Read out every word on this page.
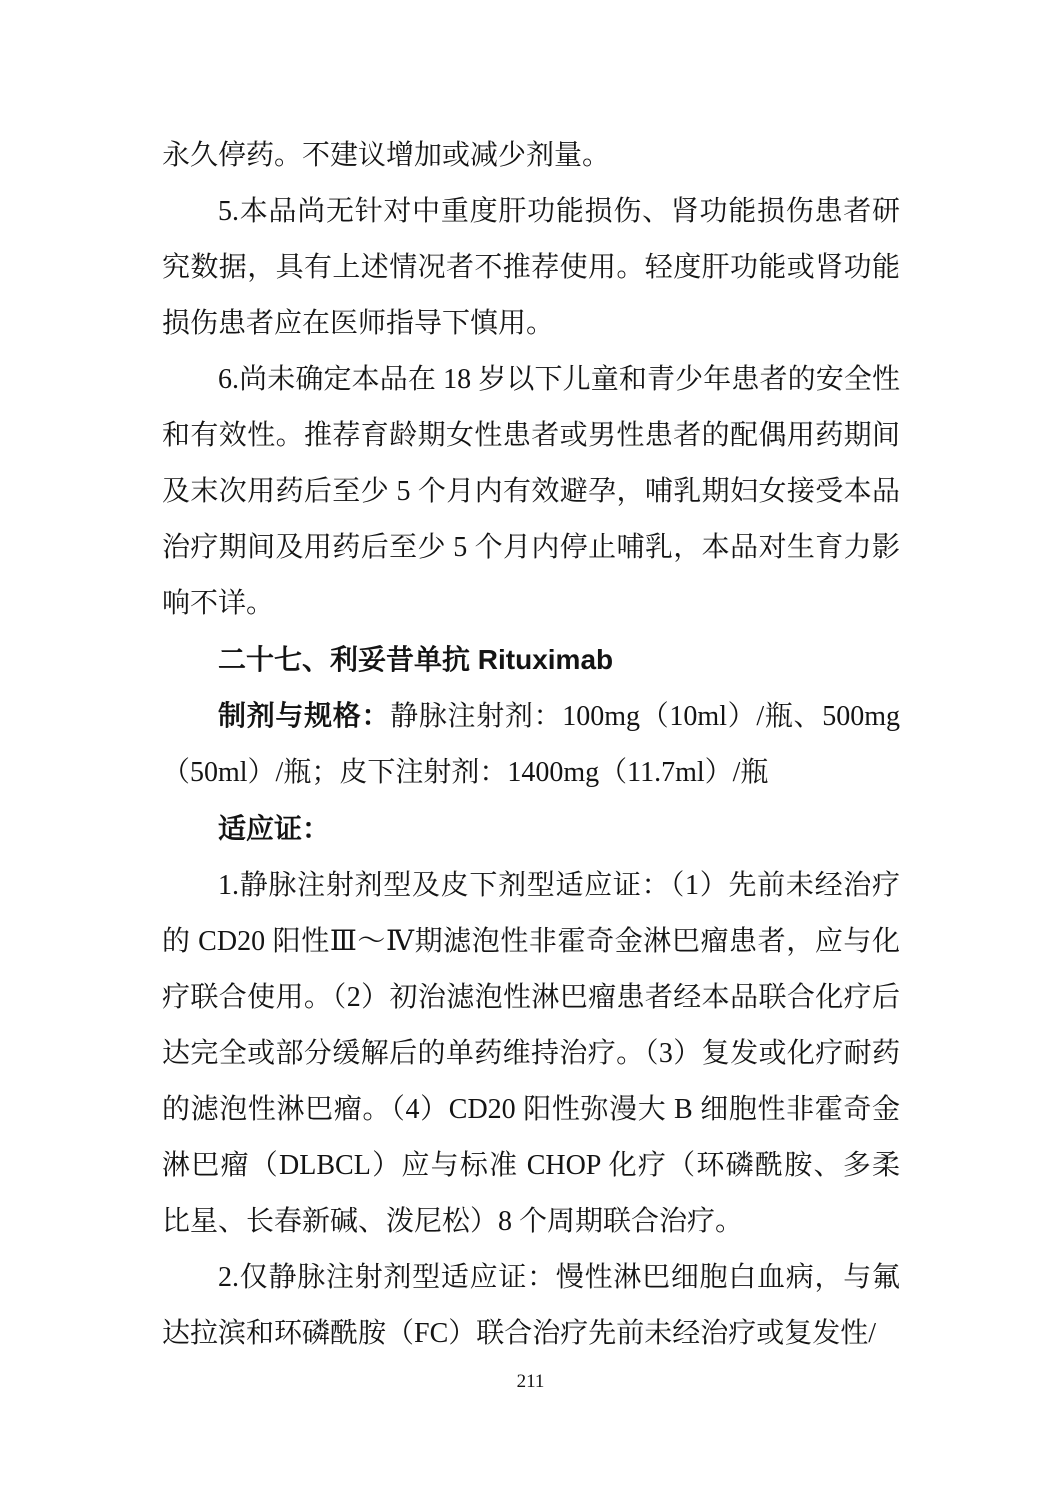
永久停药。不建议增加或减少剂量。

5.本品尚无针对中重度肝功能损伤、肾功能损伤患者研究数据，具有上述情况者不推荐使用。轻度肝功能或肾功能损伤患者应在医师指导下慎用。

6.尚未确定本品在 18 岁以下儿童和青少年患者的安全性和有效性。推荐育龄期女性患者或男性患者的配偶用药期间及末次用药后至少 5 个月内有效避孕，哺乳期妇女接受本品治疗期间及用药后至少 5 个月内停止哺乳，本品对生育力影响不详。

二十七、利妥昔单抗 Rituximab

制剂与规格：静脉注射剂：100mg（10ml）/瓶、500mg（50ml）/瓶；皮下注射剂：1400mg（11.7ml）/瓶

适应证：

1.静脉注射剂型及皮下剂型适应证：（1）先前未经治疗的 CD20 阳性Ⅲ～Ⅳ期滤泡性非霍奇金淋巴瘤患者，应与化疗联合使用。（2）初治滤泡性淋巴瘤患者经本品联合化疗后达完全或部分缓解后的单药维持治疗。（3）复发或化疗耐药的滤泡性淋巴瘤。（4）CD20 阳性弥漫大 B 细胞性非霍奇金淋巴瘤（DLBCL）应与标准 CHOP 化疗（环磷酰胺、多柔比星、长春新碱、泼尼松）8 个周期联合治疗。

2.仅静脉注射剂型适应证：慢性淋巴细胞白血病，与氟达拉滨和环磷酰胺（FC）联合治疗先前未经治疗或复发性/

211
